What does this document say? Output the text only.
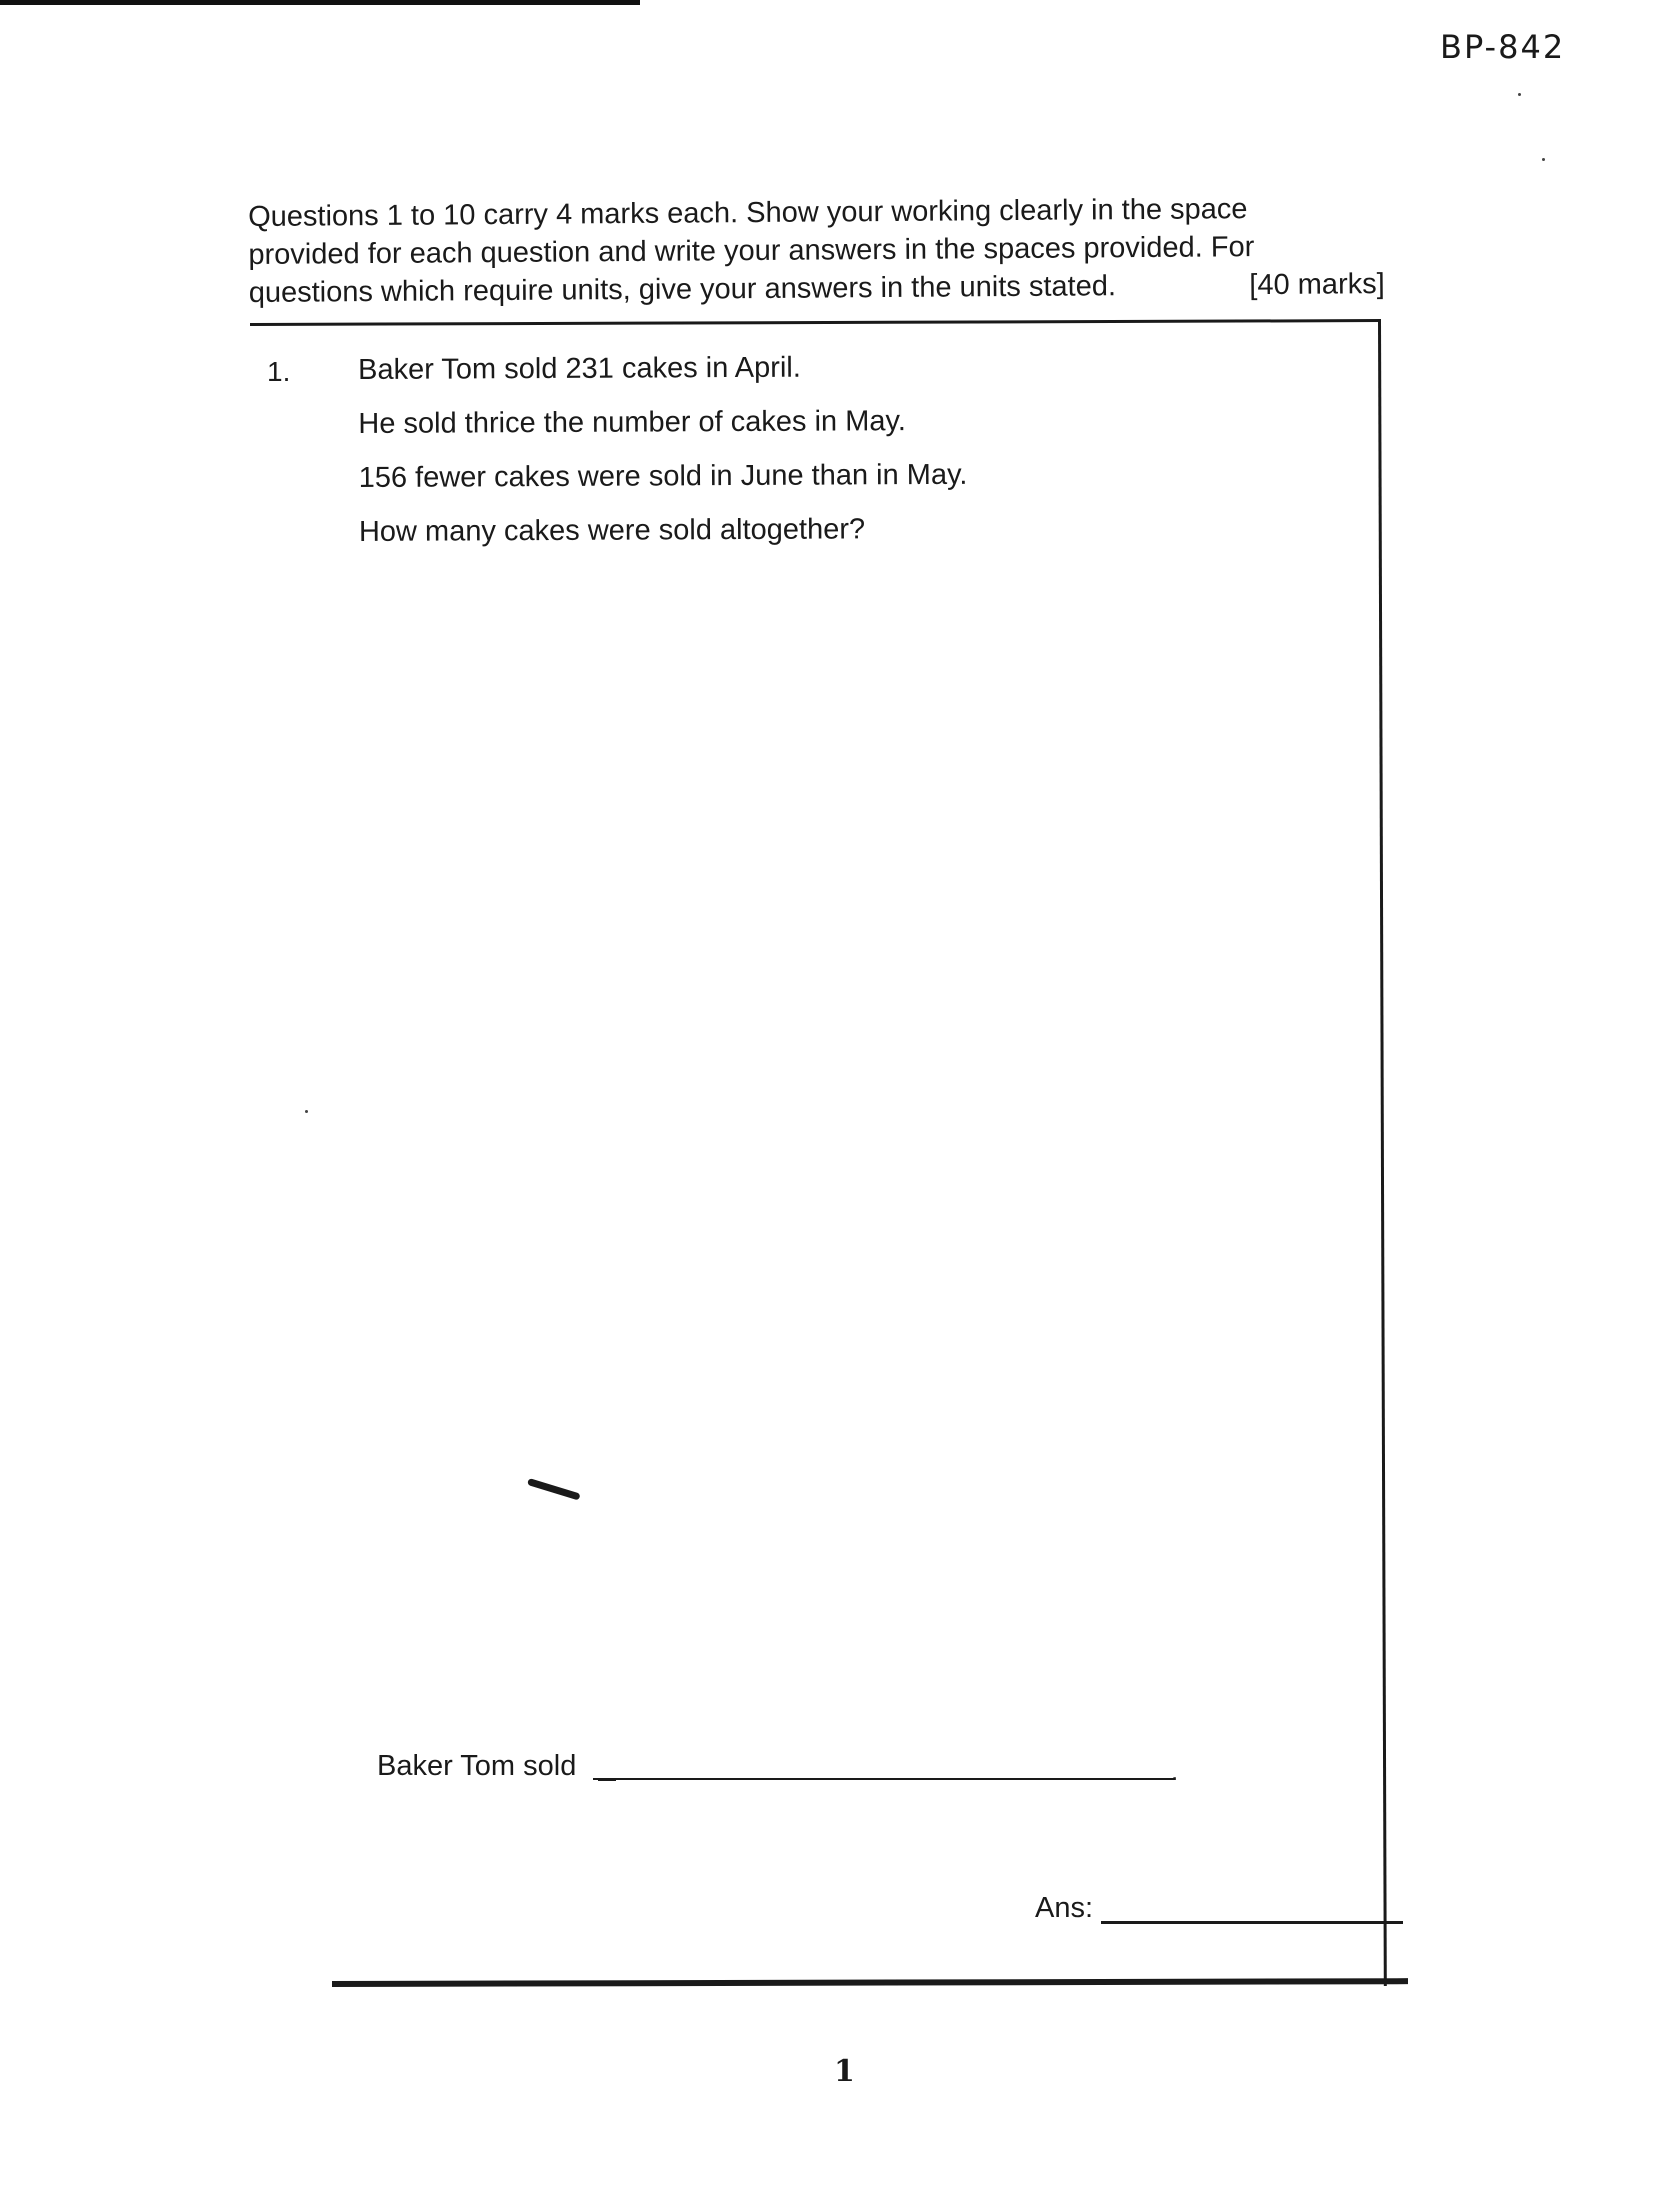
BP-842
Questions 1 to 10 carry 4 marks each. Show your working clearly in the space
provided for each question and write your answers in the spaces provided. For
questions which require units, give your answers in the units stated.	[40 marks]
1. Baker Tom sold 231 cakes in April.
He sold thrice the number of cakes in May.
156 fewer cakes were sold in June than in May.
How many cakes were sold altogether?
Baker Tom sold	.
Ans:
1
